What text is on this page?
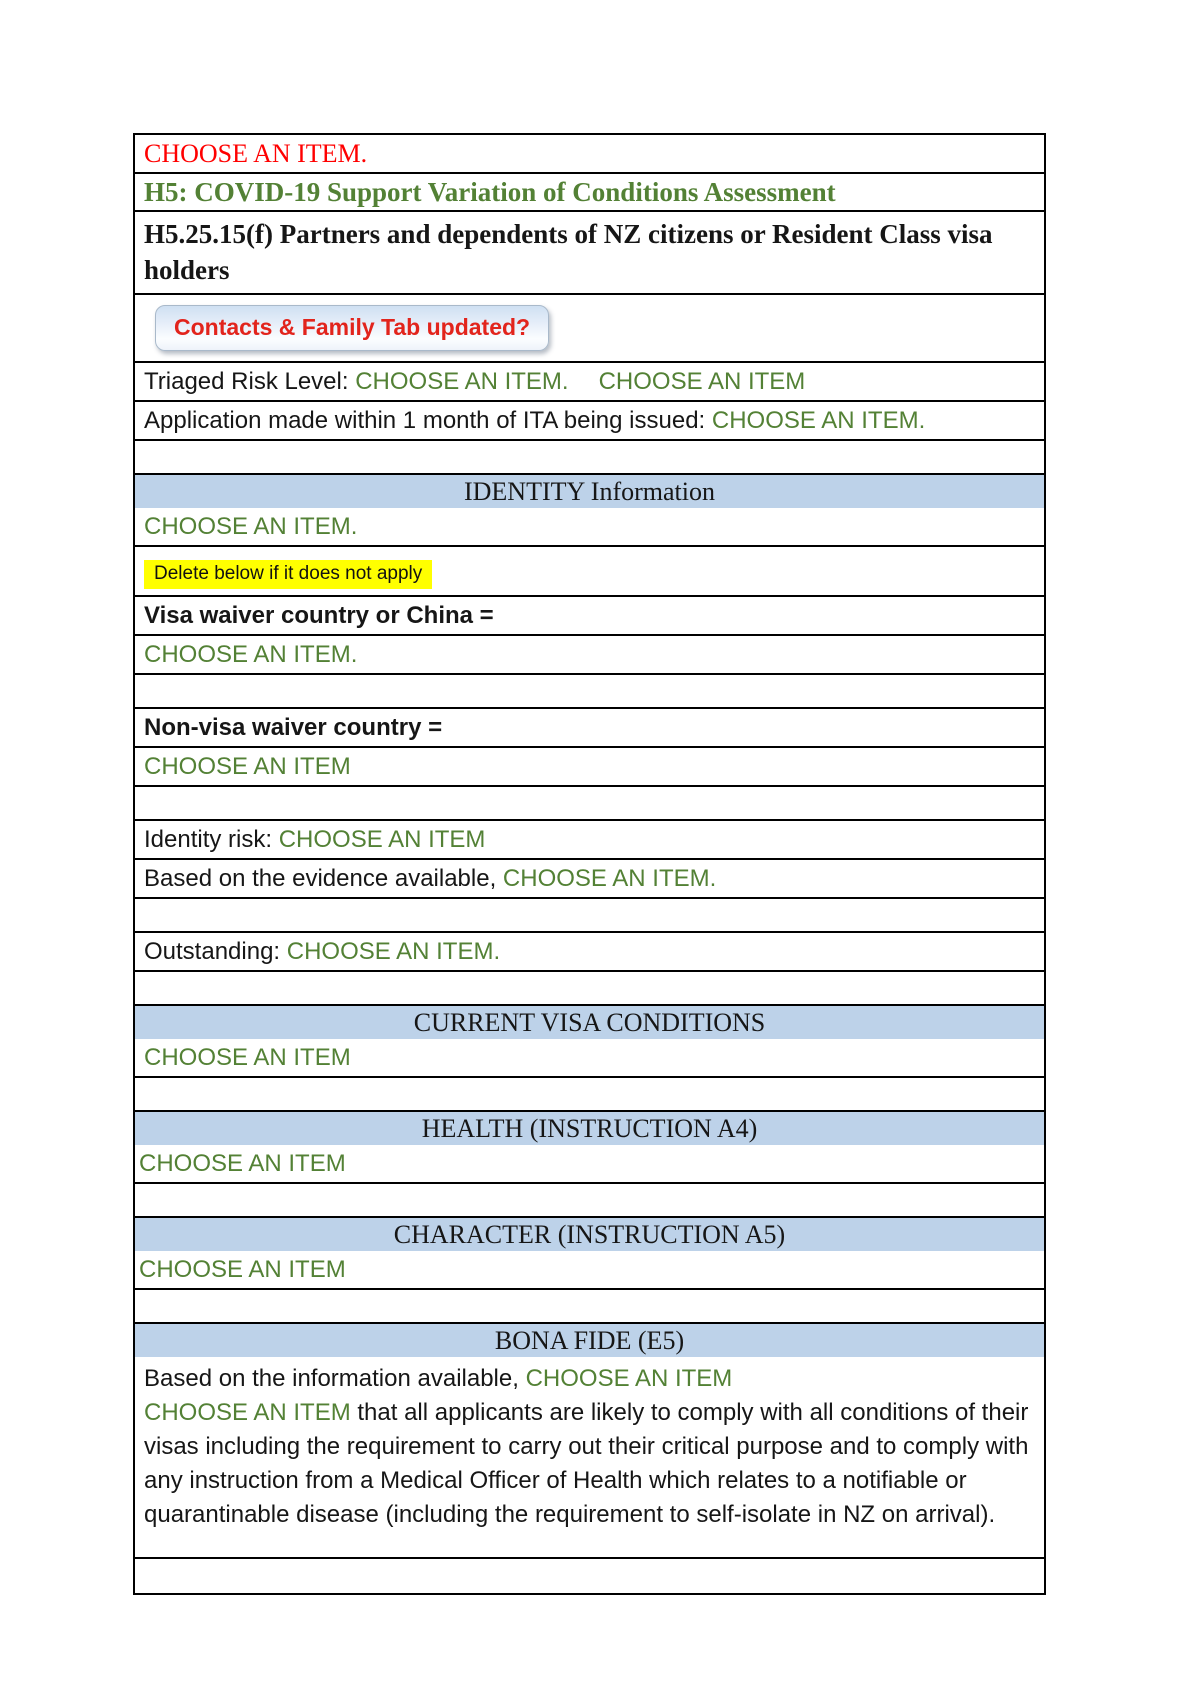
CHOOSE AN ITEM.
H5: COVID-19 Support Variation of Conditions Assessment
H5.25.15(f) Partners and dependents of NZ citizens or Resident Class visa holders
Contacts & Family Tab updated?
Triaged Risk Level: CHOOSE AN ITEM. CHOOSE AN ITEM
Application made within 1 month of ITA being issued: CHOOSE AN ITEM.
IDENTITY Information
CHOOSE AN ITEM.
Delete below if it does not apply
Visa waiver country or China =
CHOOSE AN ITEM.
Non-visa waiver country =
CHOOSE AN ITEM
Identity risk: CHOOSE AN ITEM
Based on the evidence available, CHOOSE AN ITEM.
Outstanding: CHOOSE AN ITEM.
CURRENT VISA CONDITIONS
CHOOSE AN ITEM
HEALTH (INSTRUCTION A4)
CHOOSE AN ITEM
CHARACTER (INSTRUCTION A5)
CHOOSE AN ITEM
BONA FIDE (E5)

Based on the information available, CHOOSE AN ITEM

CHOOSE AN ITEM that all applicants are likely to comply with all conditions of their visas including the requirement to carry out their critical purpose and to comply with any instruction from a Medical Officer of Health which relates to a notifiable or quarantinable disease (including the requirement to self-isolate in NZ on arrival).
